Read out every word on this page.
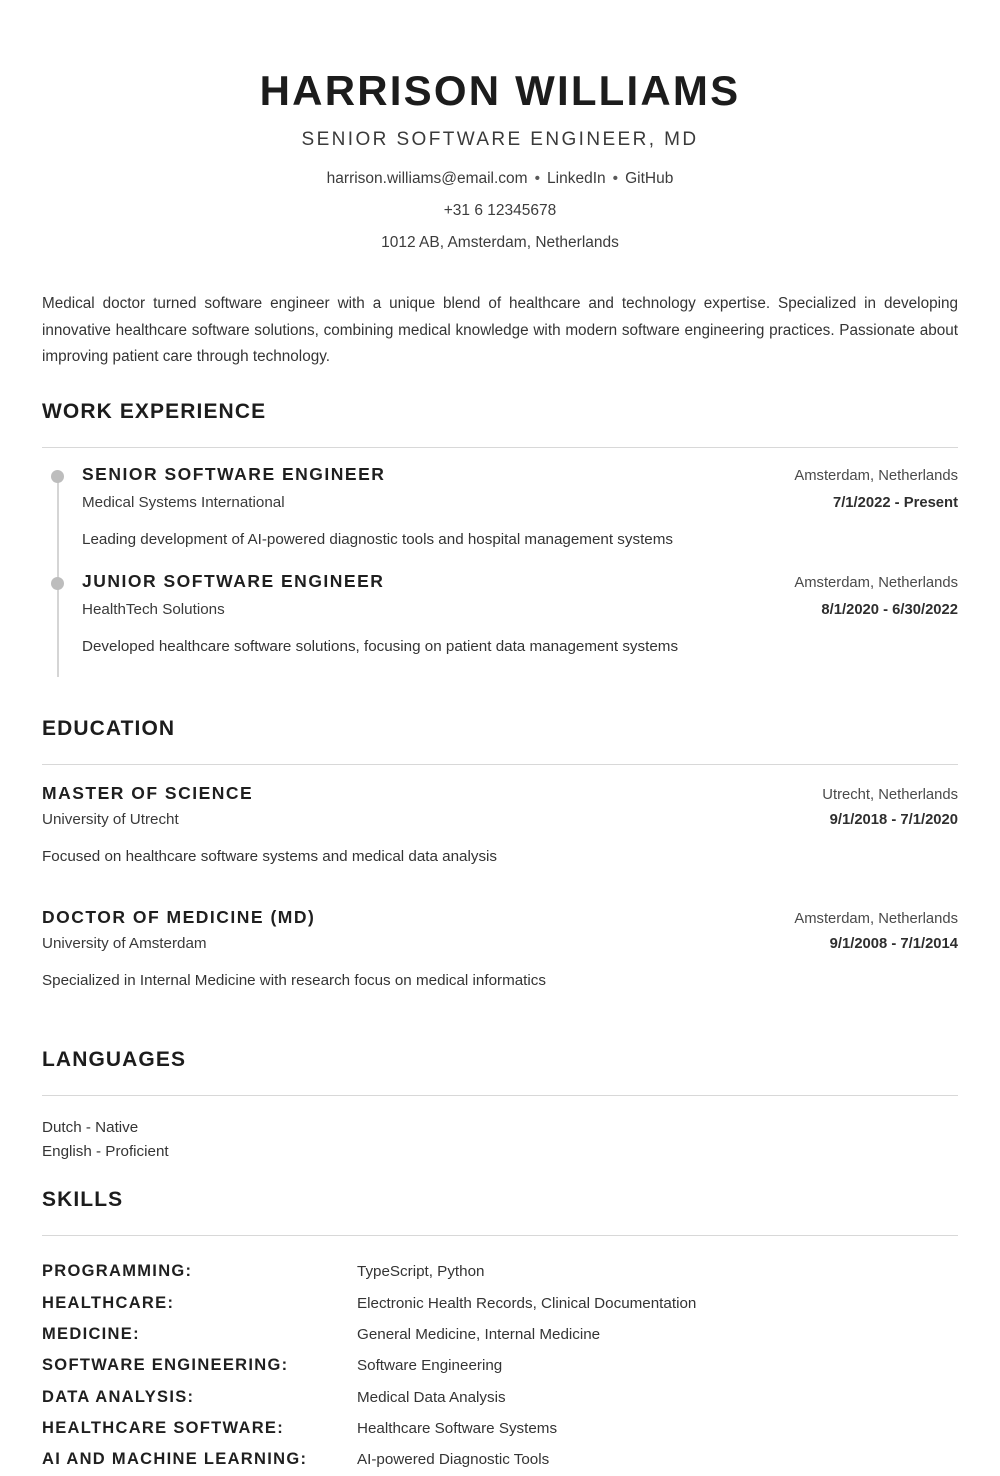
HARRISON WILLIAMS
SENIOR SOFTWARE ENGINEER, MD
harrison.williams@email.com • LinkedIn • GitHub
+31 6 12345678
1012 AB, Amsterdam, Netherlands

Medical doctor turned software engineer with a unique blend of healthcare and technology expertise. Specialized in developing innovative healthcare software solutions, combining medical knowledge with modern software engineering practices. Passionate about improving patient care through technology.

WORK EXPERIENCE
SENIOR SOFTWARE ENGINEER	Amsterdam, Netherlands
Medical Systems International	7/1/2022 - Present
Leading development of AI-powered diagnostic tools and hospital management systems
JUNIOR SOFTWARE ENGINEER	Amsterdam, Netherlands
HealthTech Solutions	8/1/2020 - 6/30/2022
Developed healthcare software solutions, focusing on patient data management systems
EDUCATION
MASTER OF SCIENCE	Utrecht, Netherlands
University of Utrecht	9/1/2018 - 7/1/2020
Focused on healthcare software systems and medical data analysis
DOCTOR OF MEDICINE (MD)	Amsterdam, Netherlands
University of Amsterdam	9/1/2008 - 7/1/2014
Specialized in Internal Medicine with research focus on medical informatics
LANGUAGES
Dutch - Native
English - Proficient
SKILLS
PROGRAMMING:	TypeScript, Python
HEALTHCARE:	Electronic Health Records, Clinical Documentation
MEDICINE:	General Medicine, Internal Medicine
SOFTWARE ENGINEERING:	Software Engineering
DATA ANALYSIS:	Medical Data Analysis
HEALTHCARE SOFTWARE:	Healthcare Software Systems
AI AND MACHINE LEARNING:	AI-powered Diagnostic Tools
